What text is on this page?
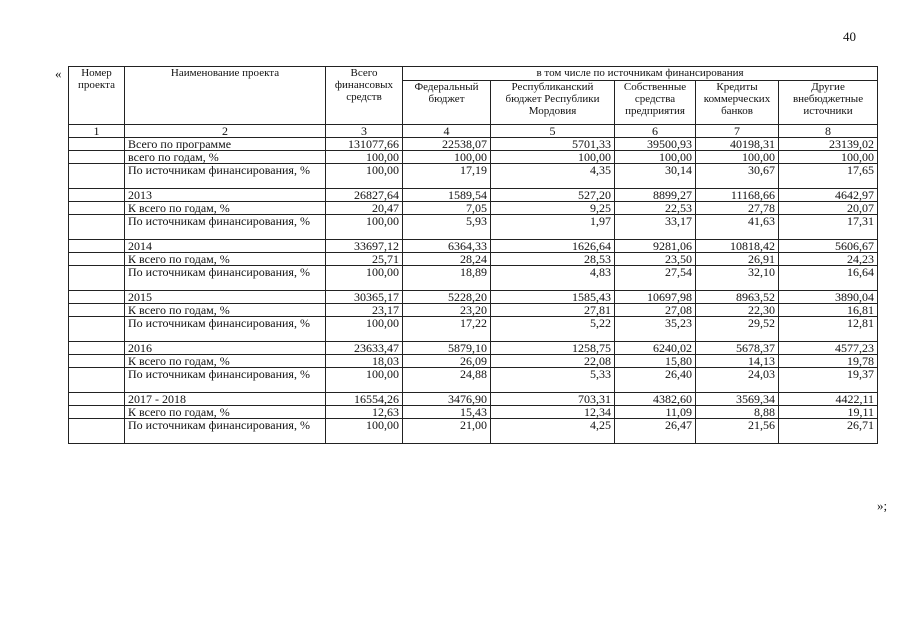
40
«
»;
Номер проекта	Наименование проекта	Всего финансовых средств	в том числе по источникам финансирования				
			Федеральный бюджет	Республиканский бюджет Республики Мордовия	Собственные средства предприятия	Кредиты коммерческих банков	Другие внебюджетные источники
1	2	3	4	5	6	7	8
	Всего по программе	131077,66	22538,07	5701,33	39500,93	40198,31	23139,02
	всего по годам, %	100,00	100,00	100,00	100,00	100,00	100,00
	По источникам финансирования, %	100,00	17,19	4,35	30,14	30,67	17,65
	2013	26827,64	1589,54	527,20	8899,27	11168,66	4642,97
	К всего по годам, %	20,47	7,05	9,25	22,53	27,78	20,07
	По источникам финансирования, %	100,00	5,93	1,97	33,17	41,63	17,31
	2014	33697,12	6364,33	1626,64	9281,06	10818,42	5606,67
	К всего по годам, %	25,71	28,24	28,53	23,50	26,91	24,23
	По источникам финансирования, %	100,00	18,89	4,83	27,54	32,10	16,64
	2015	30365,17	5228,20	1585,43	10697,98	8963,52	3890,04
	К всего по годам, %	23,17	23,20	27,81	27,08	22,30	16,81
	По источникам финансирования, %	100,00	17,22	5,22	35,23	29,52	12,81
	2016	23633,47	5879,10	1258,75	6240,02	5678,37	4577,23
	К всего по годам, %	18,03	26,09	22,08	15,80	14,13	19,78
	По источникам финансирования, %	100,00	24,88	5,33	26,40	24,03	19,37
	2017 - 2018	16554,26	3476,90	703,31	4382,60	3569,34	4422,11
	К всего по годам, %	12,63	15,43	12,34	11,09	8,88	19,11
	По источникам финансирования, %	100,00	21,00	4,25	26,47	21,56	26,71
